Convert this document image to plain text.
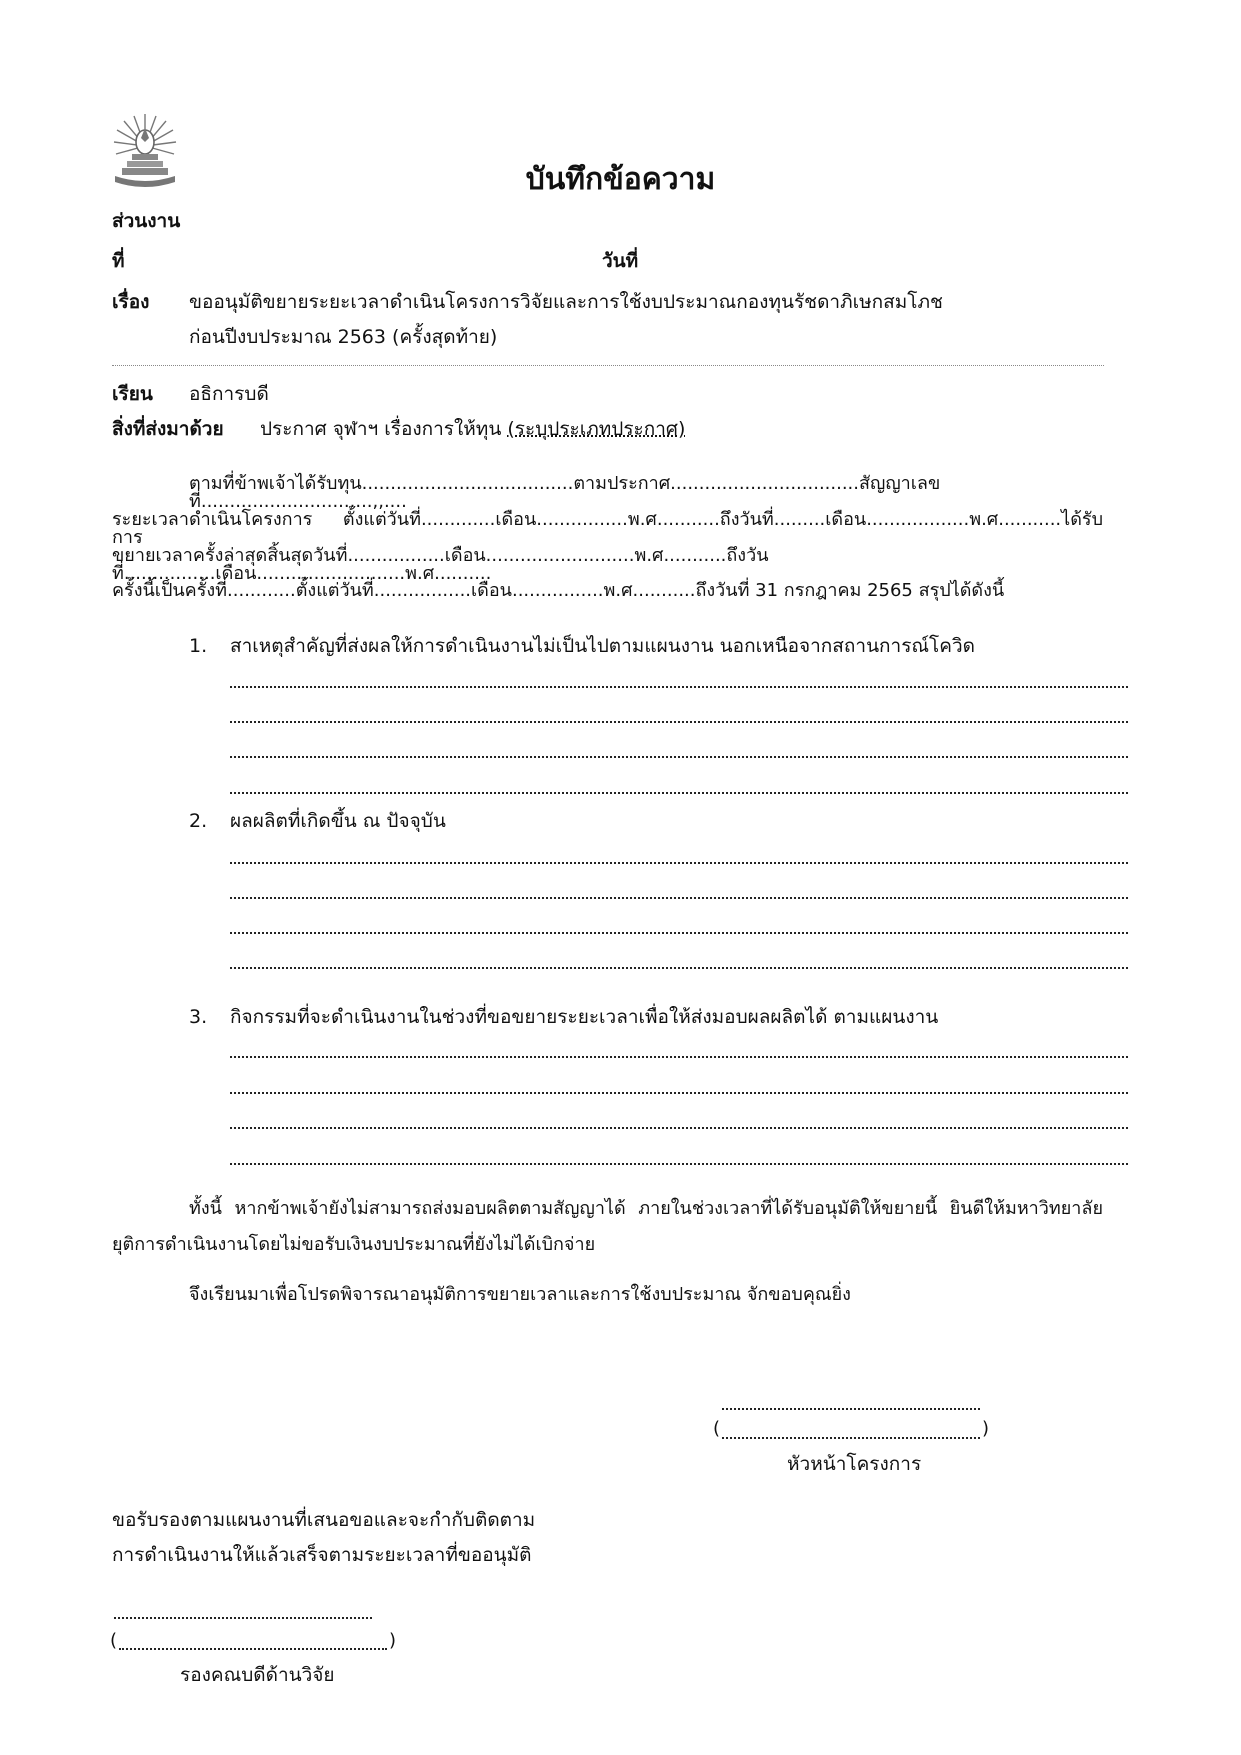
บันทึกข้อความ
ส่วนงาน
ที่	วันที่
เรื่อง ขออนุมัติขยายระยะเวลาดำเนินโครงการวิจัยและการใช้งบประมาณกองทุนรัชดาภิเษกสมโภช
ก่อนปีงบประมาณ 2563 (ครั้งสุดท้าย)
เรียน อธิการบดี
สิ่งที่ส่งมาด้วย ประกาศ จุฬาฯ เรื่องการให้ทุน (ระบุประเภทประกาศ)
ตามที่ข้าพเจ้าได้รับทุน.....................................ตามประกาศ.................................สัญญาเลขที่..............................,,....
ระยะเวลาดำเนินโครงการ ตั้งแต่วันที่.............เดือน................พ.ศ...........ถึงวันที่.........เดือน..................พ.ศ...........ได้รับการ
ขยายเวลาครั้งล่าสุดสิ้นสุดวันที่.................เดือน..........................พ.ศ...........ถึงวันที่................เดือน..........................พ.ศ..........
ครั้งนี้เป็นครั้งที่............ตั้งแต่วันที่.................เดือน................พ.ศ...........ถึงวันที่ 31 กรกฎาคม 2565 สรุปได้ดังนี้
1. สาเหตุสำคัญที่ส่งผลให้การดำเนินงานไม่เป็นไปตามแผนงาน นอกเหนือจากสถานการณ์โควิด
2. ผลผลิตที่เกิดขึ้น ณ ปัจจุบัน
3. กิจกรรมที่จะดำเนินงานในช่วงที่ขอขยายระยะเวลาเพื่อให้ส่งมอบผลผลิตได้ ตามแผนงาน
ทั้งนี้ หากข้าพเจ้ายังไม่สามารถส่งมอบผลิตตามสัญญาได้ ภายในช่วงเวลาที่ได้รับอนุมัติให้ขยายนี้ ยินดีให้มหาวิทยาลัย
ยุติการดำเนินงานโดยไม่ขอรับเงินงบประมาณที่ยังไม่ได้เบิกจ่าย
จึงเรียนมาเพื่อโปรดพิจารณาอนุมัติการขยายเวลาและการใช้งบประมาณ จักขอบคุณยิ่ง
(	)
หัวหน้าโครงการ
ขอรับรองตามแผนงานที่เสนอขอและจะกำกับติดตาม
การดำเนินงานให้แล้วเสร็จตามระยะเวลาที่ขออนุมัติ
(	)
รองคณบดีด้านวิจัย
